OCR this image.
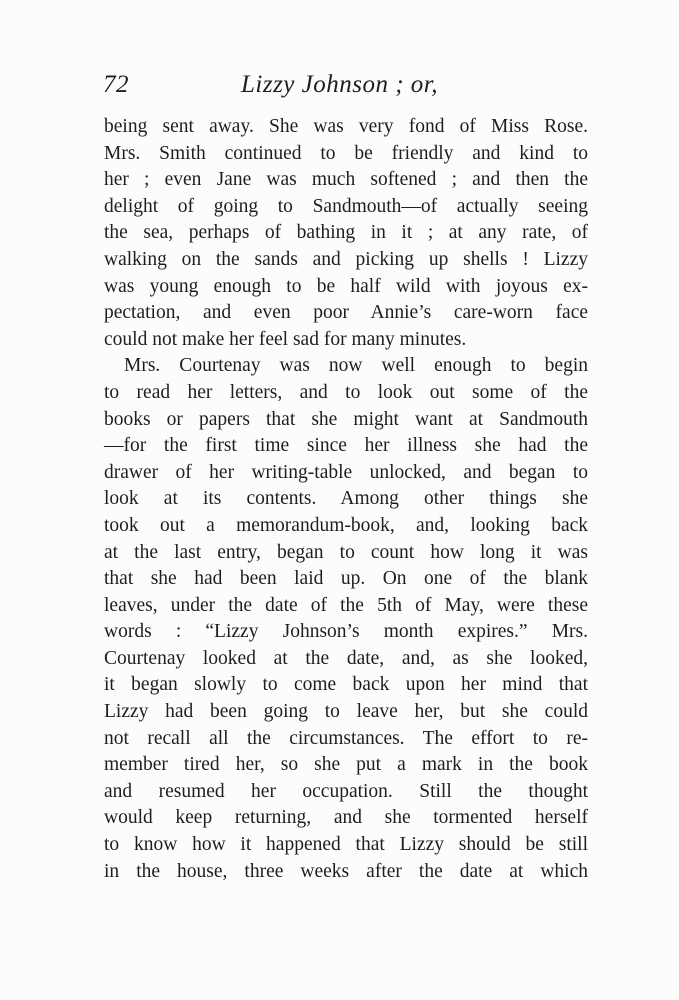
72	Lizzy Johnson ; or,
being sent away. She was very fond of Miss Rose.
Mrs. Smith continued to be friendly and kind to
her ; even Jane was much softened ; and then the
delight of going to Sandmouth—of actually seeing
the sea, perhaps of bathing in it ; at any rate, of
walking on the sands and picking up shells ! Lizzy
was young enough to be half wild with joyous ex-
pectation, and even poor Annie’s care-worn face
could not make her feel sad for many minutes.
Mrs. Courtenay was now well enough to begin
to read her letters, and to look out some of the
books or papers that she might want at Sandmouth
—for the first time since her illness she had the
drawer of her writing-table unlocked, and began to
look at its contents. Among other things she
took out a memorandum-book, and, looking back
at the last entry, began to count how long it was
that she had been laid up. On one of the blank
leaves, under the date of the 5th of May, were these
words : “Lizzy Johnson’s month expires.” Mrs.
Courtenay looked at the date, and, as she looked,
it began slowly to come back upon her mind that
Lizzy had been going to leave her, but she could
not recall all the circumstances. The effort to re-
member tired her, so she put a mark in the book
and resumed her occupation. Still the thought
would keep returning, and she tormented herself
to know how it happened that Lizzy should be still
in the house, three weeks after the date at which
